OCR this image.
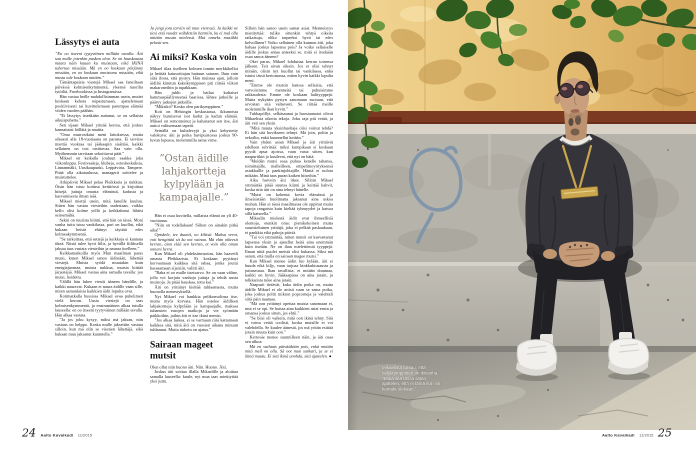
Lässytys ei auta

”En oo itseeni tyytyväinen millään tavalla. Äiti saa mulle jotenkin paskan olon. Se on haaskausta maata näin kauan ku muistaan, eikä IKINÄ tuhertaa missään. Mä en oo koskaan pärjänny missään, en oo koskaan onnistunu missään, eikä musta tule koskaan mitään.”

Tämäntapaisia viestejä Mikael saa faneiltaan päivässä kolmisenkymmentä, yleensä nuorilta tytöiltä, Facebookissa ja Instagramissa.

Hän vastaa heille mahdollisimman usein, muttei koskaan kehota reipastumaan, ajattelemaan positiivisesti tai kuvittelemaan parempaa elämää viiden vuoden päähän.

”Ei lässytys itseäkään auttanut, se on sellaista aikuispuhetta.”

Sen sijaan Mikael yrittää kertoa, että joskus kannattaisi höllätä ja nauttia.

”Oma murrosikäni meni laitoksessa, mutta oikeasti alle 18-vuotiaana on parasta. Ei tarvitse miettiä vuokraa tai jääkaapin sisältöä, kaikki sellainen on tosi rasittavaa. Saa vain olla. Myöhemmin tarvitaan sekoittavat päät.”

Mikael on keikalla jouluun saakka joka viikonloppu. Festivaaleja, klubeja, ostoskeskuksia, Linnanmäki, Uusikaupunki, Leppävirta, Tampere. Pitää olla aikataulussa, managerit soittelee ja muistuttelee.

Arkipäivät Mikael pelaa Pleikkaria ja nukkuu. Öisin hän istuu kotinsa keittiössä ja kirjoittaa biisejä, juttuja omasta elämästä, kadusta ja kasvamisesta ilman isää.

Mikael miettii usein, mitä faneille kuuluu. Sitten hän vastaa viesteihin uudestaan, vaikka kello olisi kolme yöllä ja keikkabussi lähtisi seitsemältä.

Sekin on tuurista kiinni, että hän on tässä. Moni vanha tuttu istuu vankilassa, pari on kuollut, eikä kukaan heistä ehtinyt täyttää edes kolmeakymmentä.

”Se tarkoittaa, että settejä ja keikkoja ei kannata itkeä. Niistä tulee hyvä fiilis, ja hyvällä fiiliksellä jaksaa taas vastata viesteihin ja nauraa itselleen.”

Keikkamatkoilla myös Mun maailman paras mutsi, kuten Mikael sanoo äidistään, lähettää viestejä. Muista syödä muutakin kuin energiajuomaa, muista nukkua, muista kiittää järjestäjiä. Mikael vastaa aina samalla tavalla: joo mutsi, hoidettu.

Välillä hän lukee viestit ääneen bändille, ja kaikki nauravat. Kukaan ei naura äidille vaan sille, miten samanlaisia kaikkien äidit lopulta ovat.

Kotimatkalla bussissa Mikael avaa puhelimen vielä kerran. Uusia viestejä on taas kolmisenkymmentä, ja ensimmäinen alkaa tutulla lauseella: en oo itseeni tyytyväinen millään tavalla. Hän alkaa vastata.

”Ja jos joku kysyy, miksi mä jaksan, niin vastaus on helppo. Koska mulle jaksettiin vastata silloin, kun mä olin se viestien lähettäjä, eikä kukaan muu jaksanut kuunnella.”

Ja jengi jota tarviin oli mun vieressä. Ja kaikki ne tiesi että vuodet vaihdettiin harmiin, ku ei mul ollu mitään muuta mielessä. Mut onneks musiikki pelasti sen.

Ai miksi? Koska voin

Mikael tilaa itselleen kolmen tonnin merkkikellot ja heittää katusoittajan hattuun satasen. Ihan vain siitä ilosta, että pystyy. Hän muistaa ajan, jolloin äidiltä kinutun kaksikymppisen piti riittää viikon makaroneihin ja tupakkaan.

Hän juhlii ja bailaa kultaiset hammaspäällysteensä baarissa, lähtee jatkoille ja päätyy jatkojen jatkoille.

”Miksikö? Koska olen parikymppinen.”

Koti on Helsingin keskustassa, ikkunoista näkyy humisevat isot kadut ja kadun elämää. Mikael on remontoinut ja kalustanut sen itse, äiti auttoi valitsemaan tapetit.

Seinällä on kultalevyjä ja yksi kehystetty valokuva: äiti ja poika huvipuistossa joskus 90-luvun lopussa, molemmilla sama virne.

”Ostan äidille lahjakortteja kylpylään ja kampaajalle.”

Hän ei osaa kuvitella, millaista elämä on yli 40-vuotiaana.

”Niin en todellakaan! Siihen on ainakin pitkä aika!”

Opiskele, tee duunii, oo kiltisti. Maksa verot, voit hengittää sit ku oot vainaa. Mä elän oikeesti kerran, aion elää sen kerran, et voin olla oman onneni herra.

Kun Mikael oli yhdeksänvuotias, hän haaveili omasta Pleikkarista. Ei koskaan pyytänyt korvaamaan kaikkea sitä rahaa, jonka joutui hassaamaan sijaisiin, valitti äiti.

”Raha ei oo mulle itseisarvo. Se on vaan väline, jolla voi korjata vanhoja juttuja ja tehdä uusia muistoja. Ja pitää hauskaa, totta kai.”

Äiti on yrittänyt kieltää tuhlaamasta, mutta huonolla menestyksellä.

Nyt Mikael voi hankkia pelikonsolinsa itse, mutta myös korvata. Hän ostelee äidilleen lahjakortteja kylpylään ja kampaajalle, maksaa tuhansien eurojen matkoja ja vie syömään paikkoihin, joihin äiti ei itse ikinä menisi.

”Jos alkaa laskea, ei se varmaan riitä kattamaan kaikkea sitä, mitä äiti on vuosien aikana minuun tuhlannut. Mutta tärkein on ajatus.”

Sairaan mageet mutsit

Olen ollut niin huono äiti. Niin. Huono. Äiti.

Joskus äiti soittaa illalla Mikaelille ja aloittaa samalla lauseella: kuule, nyt mua taas mietityttää yksi juttu.

Silloin hän sanoo usein samat asiat. Menneisyys mietityttää: tuliko sittenkin tehtyä oikeita ratkaisuja, oliko tarpeeksi hyvä tai edes kelvollinen? Voiko sellainen olla kunnon äiti, joka haluaa joskus lapsensa pois? Ja voiko sellaiselle äidille joskus antaa anteeksi se, mitä ei itsekään osaa sanoa ääneen?

Okei parus, Mikael lohduttaa kerran toisensa jälkeen. Teit aivan oikein. Jos et olisi tehnyt mitään, olisin nyt kuollut tai vankilassa, enkä istuisi tässä kertomassa, miten hyvin kaikki lopulta meni.

”Emme ole mutsin kanssa sellaisia, että vatvoisimme menneitä tai puhuisimme rakkaudesta. Emme ole koskaan halityyppejä. Mutta nykyään pystyn sanomaan suoraan, että arvostan sitä valtavasti. Se riittää meille molemmille ihan hyvin.”

Tukkapöllyt, selkäsaunat ja huostaanotot olivat Mikaelista oikeita tekoja. Joku raja piti vetää, ja äiti veti sen yksin.

”Mitä muuta yksinhuoltaja olisi voinut tehdä? Ei hän sitä huvikseen tehnyt. Mä join, poltin ja sekoilin, enkä kuunnellut ketään.”

Vain yhden asian Mikael ja äiti yrittävät edelleen selvittää: miksi kumpikaan ei koskaan pyydä apua ajoissa, vaan vasta sitten, kun naapuritkin jo kuulevat, että nyt on hätä.

”Meidän mutsi osaa puhua kenelle tahansa, toimittajille, malleilleen, ompelimoyrityksensä asiakkaille ja pankinjohtajille. Häntä ei nolota mikään. Minä taas puran kaiken biiseihin.”

Aika harvoin äiti itkee. Silloin Mikael ymmärtää pitää suunsa kiinni ja keittää kahvit, koska niin äiti on aina tehnyt hänelle.

”Mutsi on kokenut kovia elämässä ja ilmeisistään huolimatta jaksanut aina uskoa muhun. Hän ei tässä maailmassa ole oppinut muita tapoja rangaista kuin kieltää tyhmyydet ja katsoa sillä katseella.”

Mikaelin mielestä äidit ovat ihmeellisiä olentoja, etenkin oma: pienikokoinen mutta suurisieluinen yrittäjä, joka ei pelkää paskaakaan, ei pankkia eikä pahoja päiviä.

”Tai voi ymmärtää, miten mutsit on kasvattanut lapsensa yksin ja ajatellut heitä aina enemmän kuin itseään. Ne on ihan mielettömiä tyyppejä. Ilman niitä puolet meistä olisi hukassa. Siksi mä sanon, että mulla on sairaan magee mutsi.”

Kun Mikael menee äidin luo kylään, äiti ei huuda eikä kiljy, vaan tarjoaa kinkkukiusausta ja juttuseuraa. Ihan tavallista, ei mitään draamaa, kaikki on hyvin. Jääkaapissa on aina jotain, ja telkkarista tulee aina jotain.

Naapurit tietävät, kuka äidin poika on, mutta äidille Mikael ei ole artisti vaan se sama poika, joka joskus poltti mikron popcorneja ja valehteli siitä päin naamaa.

”Mä oon yrittänyt opettaa mutsia sanomaan ei, mut ei se opi. Se hoitaa aina kaikkien asiat ensin ja omansa joskus sitten, jos ehtii.”

”Se biisi oli vaikein, mitä oon ikinä tehny. Sitä ei voinu vetää coolisti, koska mutsille ei voi valehdella. Se kuulee äänestä, jos mä yritän esittää jotain muuta kuin oon.”

Kertosäe menee suunnilleen näin, ja äiti osaa sen ulkoa:

Mä en vaihtais päivääkään pois, enkä mitään mitä meil on ollu. Sä oot mun sankari, ja se ei ikinä muutu. Ei sitä ikinä unohda, sitä ajattelen. ●

24 Aalto Kavalkadi 11/2015
Mikaelista tuntuu, että neljäkymppinen on ikivanha. ”Ehkä sitä tässä sitten ajattelen, että ei tämä ikä niin kamala olekaan.”
Aalto Kavalkadi 11/2015 25
